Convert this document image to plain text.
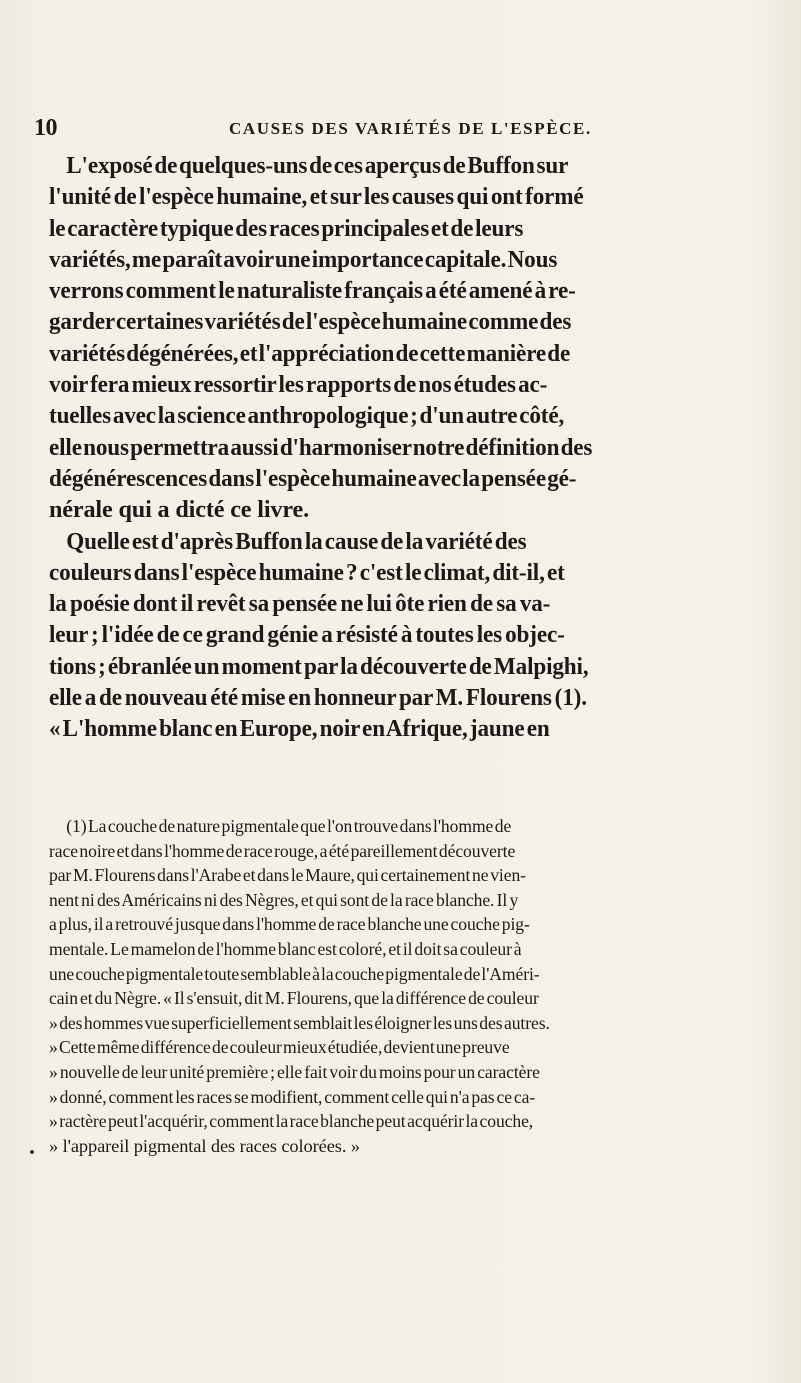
10	CAUSES DES VARIÉTÉS DE L'ESPÈCE.
L'exposé de quelques-uns de ces aperçus de Buffon sur
l'unité de l'espèce humaine, et sur les causes qui ont formé
le caractère typique des races principales et de leurs
variétés, me paraît avoir une importance capitale. Nous
verrons comment le naturaliste français a été amené à re-
garder certaines variétés de l'espèce humaine comme des
variétés dégénérées, et l'appréciation de cette manière de
voir fera mieux ressortir les rapports de nos études ac-
tuelles avec la science anthropologique ; d'un autre côté,
elle nous permettra aussi d'harmoniser notre définition des
dégénérescences dans l'espèce humaine avec la pensée gé-
nérale qui a dicté ce livre.
Quelle est d'après Buffon la cause de la variété des
couleurs dans l'espèce humaine ? c'est le climat, dit-il, et
la poésie dont il revêt sa pensée ne lui ôte rien de sa va-
leur ; l'idée de ce grand génie a résisté à toutes les objec-
tions ; ébranlée un moment par la découverte de Malpighi,
elle a de nouveau été mise en honneur par M. Flourens (1).
« L'homme blanc en Europe, noir en Afrique, jaune en
(1) La couche de nature pigmentale que l'on trouve dans l'homme de
race noire et dans l'homme de race rouge, a été pareillement découverte
par M. Flourens dans l'Arabe et dans le Maure, qui certainement ne vien-
nent ni des Américains ni des Nègres, et qui sont de la race blanche. Il y
a plus, il a retrouvé jusque dans l'homme de race blanche une couche pig-
mentale. Le mamelon de l'homme blanc est coloré, et il doit sa couleur à
une couche pigmentale toute semblable à la couche pigmentale de l'Améri-
cain et du Nègre. « Il s'ensuit, dit M. Flourens, que la différence de couleur
» des hommes vue superficiellement semblait les éloigner les uns des autres.
» Cette même différence de couleur mieux étudiée, devient une preuve
» nouvelle de leur unité première ; elle fait voir du moins pour un caractère
» donné, comment les races se modifient, comment celle qui n'a pas ce ca-
» ractère peut l'acquérir, comment la race blanche peut acquérir la couche,
» l'appareil pigmental des races colorées. »
